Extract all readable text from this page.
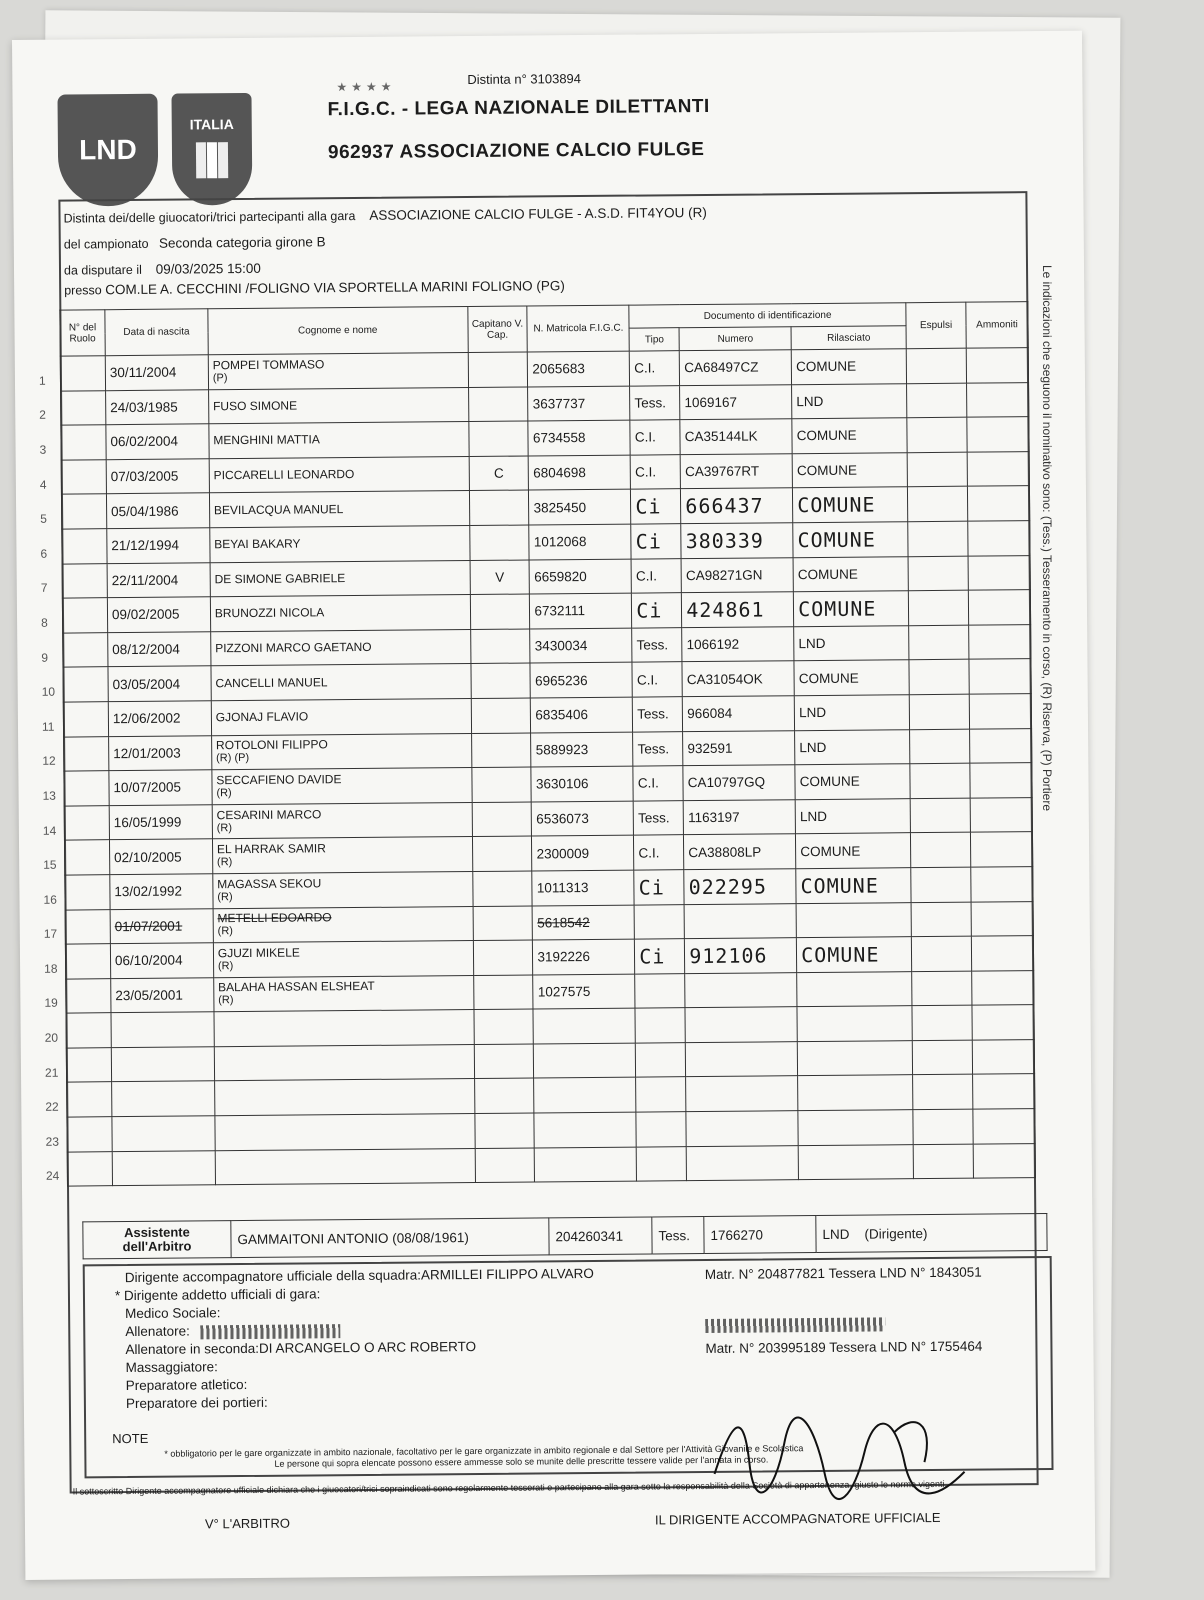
LND
★★★★
ITALIA
Distinta n° 3103894
F.I.G.C. - LEGA NAZIONALE DILETTANTI
962937 ASSOCIAZIONE CALCIO FULGE
Distinta dei/delle giuocatori/trici partecipanti alla gara ASSOCIAZIONE CALCIO FULGE - A.S.D. FIT4YOU (R)
del campionato Seconda categoria girone B
da disputare il 09/03/2025 15:00
presso COM.LE A. CECCHINI /FOLIGNO VIA SPORTELLA MARINI FOLIGNO (PG)
N° del Ruolo	Data di nascita	Cognome e nome	Capitano V. Cap.	N. Matricola F.I.G.C.	Documento di identificazione			Espulsi	Ammoniti
					Tipo	Numero	Rilasciato		

1	30/11/2004	POMPEI TOMMASO
(P)		2065683	C.I.	CA68497CZ	COMUNE		

2	24/03/1985	FUSO SIMONE		3637737	Tess.	1069167	LND		

3	06/02/2004	MENGHINI MATTIA		6734558	C.I.	CA35144LK	COMUNE		

4	07/03/2005	PICCARELLI LEONARDO	C	6804698	C.I.	CA39767RT	COMUNE		

5	05/04/1986	BEVILACQUA MANUEL		3825450	Ci	666437	COMUNE		

6	21/12/1994	BEYAI BAKARY		1012068	Ci	380339	COMUNE		

7	22/11/2004	DE SIMONE GABRIELE	V	6659820	C.I.	CA98271GN	COMUNE		

8	09/02/2005	BRUNOZZI NICOLA		6732111	Ci	424861	COMUNE		

9	08/12/2004	PIZZONI MARCO GAETANO		3430034	Tess.	1066192	LND		

10	03/05/2004	CANCELLI MANUEL		6965236	C.I.	CA31054OK	COMUNE		

11	12/06/2002	GJONAJ FLAVIO		6835406	Tess.	966084	LND		

12	12/01/2003	ROTOLONI FILIPPO
(R) (P)		5889923	Tess.	932591	LND		

13	10/07/2005	SECCAFIENO DAVIDE
(R)		3630106	C.I.	CA10797GQ	COMUNE		

14	16/05/1999	CESARINI MARCO
(R)		6536073	Tess.	1163197	LND		

15	02/10/2005	EL HARRAK SAMIR
(R)		2300009	C.I.	CA38808LP	COMUNE		

16	13/02/1992	MAGASSA SEKOU
(R)		1011313	Ci	022295	COMUNE		

17	01/07/2001	METELLI EDOARDO
(R)		5618542					

18	06/10/2004	GJUZI MIKELE
(R)		3192226	Ci	912106	COMUNE		

19	23/05/2001	BALAHA HASSAN ELSHEAT
(R)		1027575					

20									

21									

22									

23									

24									

Assistente dell'Arbitro	GAMMAITONI ANTONIO (08/08/1961)	204260341	Tess.	1766270	LND    (Dirigente)
Dirigente accompagnatore ufficiale della squadra:ARMILLEI FILIPPO ALVARO	Matr. N° 204877821 Tessera LND N° 1843051
* Dirigente addetto ufficiali di gara:
Medico Sociale:
Allenatore:
Allenatore in seconda:DI ARCANGELO O ARC ROBERTO	Matr. N° 203995189 Tessera LND N° 1755464
Massaggiatore:
Preparatore atletico:
Preparatore dei portieri:
NOTE
* obbligatorio per le gare organizzate in ambito nazionale, facoltativo per le gare organizzate in ambito regionale e dal Settore per l'Attività Giovanile e Scolastica
Le persone qui sopra elencate possono essere ammesse solo se munite delle prescritte tessere valide per l'annata in corso.
Il sottoscritto Dirigente accompagnatore ufficiale dichiara che i giuocatori/trici sopraindicati sono regolarmente tesserati e partecipano alla gara sotto la responsabilità della Società di appartenenza, giusto le norme vigenti.
V° L'ARBITRO	IL DIRIGENTE ACCOMPAGNATORE UFFICIALE
Le indicazioni che seguono il nominativo sono: (Tess.) Tesseramento in corso, (R) Riserva, (P) Portiere
